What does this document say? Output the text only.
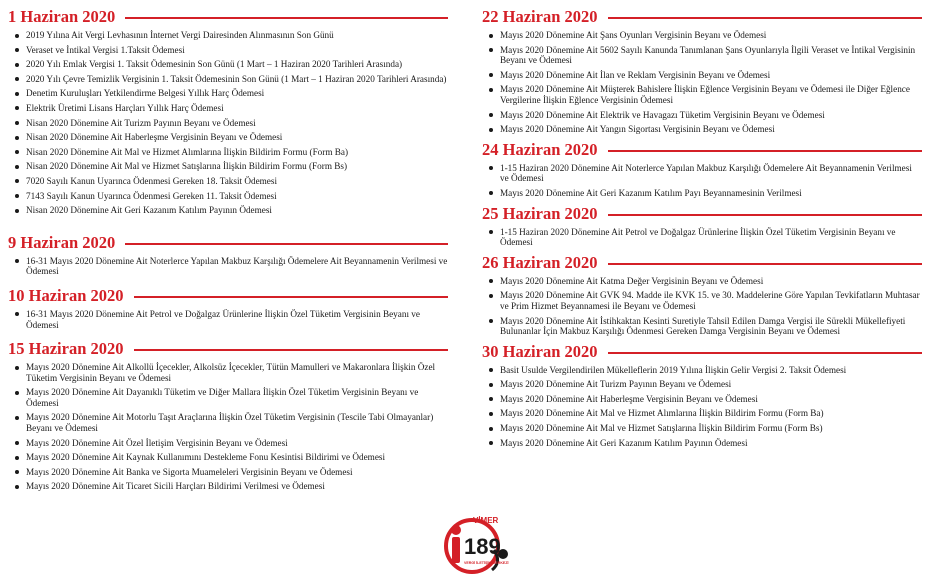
1 Haziran 2020
2019 Yılına Ait Vergi Levhasının İnternet Vergi Dairesinden Alınmasının Son Günü
Veraset ve İntikal Vergisi 1.Taksit Ödemesi
2020 Yılı Emlak Vergisi 1. Taksit Ödemesinin Son Günü (1 Mart – 1 Haziran 2020 Tarihleri Arasında)
2020 Yılı Çevre Temizlik Vergisinin 1. Taksit Ödemesinin Son Günü (1 Mart – 1 Haziran 2020 Tarihleri Arasında)
Denetim Kuruluşları Yetkilendirme Belgesi Yıllık Harç Ödemesi
Elektrik Üretimi Lisans Harçları Yıllık Harç Ödemesi
Nisan 2020 Dönemine Ait Turizm Payının Beyanı ve Ödemesi
Nisan 2020 Dönemine Ait Haberleşme Vergisinin Beyanı ve Ödemesi
Nisan 2020 Dönemine Ait Mal ve Hizmet Alımlarına İlişkin Bildirim Formu (Form Ba)
Nisan 2020 Dönemine Ait Mal ve Hizmet Satışlarına İlişkin Bildirim Formu (Form Bs)
7020 Sayılı Kanun Uyarınca Ödenmesi Gereken 18. Taksit Ödemesi
7143 Sayılı Kanun Uyarınca Ödenmesi Gereken 11. Taksit Ödemesi
Nisan 2020 Dönemine Ait Geri Kazanım Katılım Payının Ödemesi
9 Haziran 2020
16-31 Mayıs 2020 Dönemine Ait Noterlerce Yapılan Makbuz Karşılığı Ödemelere Ait Beyannamenin Verilmesi ve Ödemesi
10 Haziran 2020
16-31 Mayıs 2020 Dönemine Ait Petrol ve Doğalgaz Ürünlerine İlişkin Özel Tüketim Vergisinin Beyanı ve Ödemesi
15 Haziran 2020
Mayıs 2020 Dönemine Ait Alkollü İçecekler, Alkolsüz İçecekler, Tütün Mamulleri ve Makaronlara İlişkin Özel Tüketim Vergisinin Beyanı ve Ödemesi
Mayıs 2020 Dönemine Ait Dayanıklı Tüketim ve Diğer Mallara İlişkin Özel Tüketim Vergisinin Beyanı ve Ödemesi
Mayıs 2020 Dönemine Ait Motorlu Taşıt Araçlarına İlişkin Özel Tüketim Vergisinin (Tescile Tabi Olmayanlar) Beyanı ve Ödemesi
Mayıs 2020 Dönemine Ait Özel İletişim Vergisinin Beyanı ve Ödemesi
Mayıs 2020 Dönemine Ait Kaynak Kullanımını Destekleme Fonu Kesintisi Bildirimi ve Ödemesi
Mayıs 2020 Dönemine Ait Banka ve Sigorta Muameleleri Vergisinin Beyanı ve Ödemesi
Mayıs 2020 Dönemine Ait Ticaret Sicili Harçları Bildirimi Verilmesi ve Ödemesi
22 Haziran 2020
Mayıs 2020 Dönemine Ait Şans Oyunları Vergisinin Beyanı ve Ödemesi
Mayıs 2020 Dönemine Ait 5602 Sayılı Kanunda Tanımlanan Şans Oyunlarıyla İlgili Veraset ve İntikal Vergisinin Beyanı ve Ödemesi
Mayıs 2020 Dönemine Ait İlan ve Reklam Vergisinin Beyanı ve Ödemesi
Mayıs 2020 Dönemine Ait Müşterek Bahislere İlişkin Eğlence Vergisinin Beyanı ve Ödemesi ile Diğer Eğlence Vergilerine İlişkin Eğlence Vergisinin Ödemesi
Mayıs 2020 Dönemine Ait Elektrik ve Havagazı Tüketim Vergisinin Beyanı ve Ödemesi
Mayıs 2020 Dönemine Ait Yangın Sigortası Vergisinin Beyanı ve Ödemesi
24 Haziran 2020
1-15 Haziran 2020 Dönemine Ait Noterlerce Yapılan Makbuz Karşılığı Ödemelere Ait Beyannamenin Verilmesi ve Ödemesi
Mayıs 2020 Dönemine Ait Geri Kazanım Katılım Payı Beyannamesinin Verilmesi
25 Haziran 2020
1-15 Haziran 2020 Dönemine Ait Petrol ve Doğalgaz Ürünlerine İlişkin Özel Tüketim Vergisinin Beyanı ve Ödemesi
26 Haziran 2020
Mayıs 2020 Dönemine Ait Katma Değer Vergisinin Beyanı ve Ödemesi
Mayıs 2020 Dönemine Ait GVK 94. Madde ile KVK 15. ve 30. Maddelerine Göre Yapılan Tevkifatların Muhtasar ve Prim Hizmet Beyannamesi ile Beyanı ve Ödemesi
Mayıs 2020 Dönemine Ait İstihkaktan Kesinti Suretiyle Tahsil Edilen Damga Vergisi ile Sürekli Mükellefiyeti Bulunanlar İçin Makbuz Karşılığı Ödenmesi Gereken Damga Vergisinin Beyanı ve Ödemesi
30 Haziran 2020
Basit Usulde Vergilendirilen Mükelleflerin 2019 Yılına İlişkin Gelir Vergisi 2. Taksit Ödemesi
Mayıs 2020 Dönemine Ait Turizm Payının Beyanı ve Ödemesi
Mayıs 2020 Dönemine Ait Haberleşme Vergisinin Beyanı ve Ödemesi
Mayıs 2020 Dönemine Ait Mal ve Hizmet Alımlarına İlişkin Bildirim Formu (Form Ba)
Mayıs 2020 Dönemine Ait Mal ve Hizmet Satışlarına İlişkin Bildirim Formu (Form Bs)
Mayıs 2020 Dönemine Ait Geri Kazanım Katılım Payının Ödemesi
VİMER
189
VERGİ İLETİŞİM MERKEZİ
